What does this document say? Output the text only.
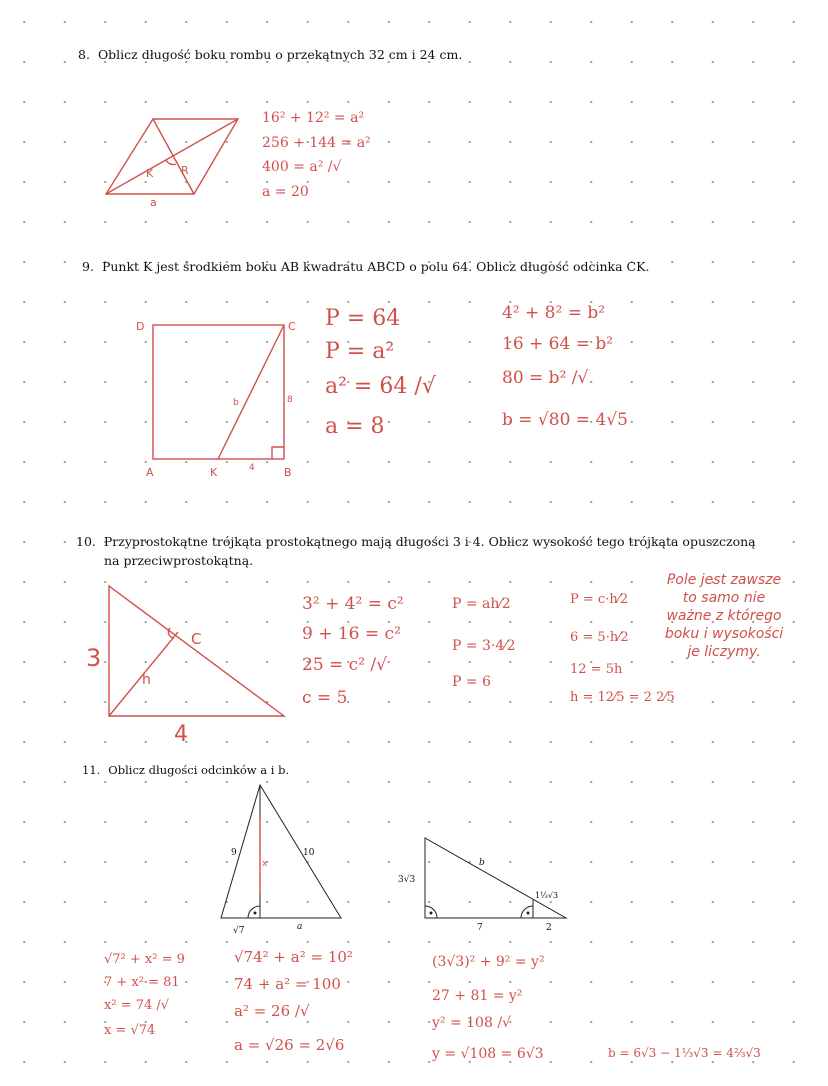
8. Oblicz długość boku rombu o przekątnych 32 cm i 24 cm.
9. Punkt K jest środkiem boku AB kwadratu ABCD o polu 64. Oblicz długość odcinka CK.
10. Przyprostokątne trójkąta prostokątnego mają długości 3 i 4. Oblicz wysokość tego trójkąta opuszczoną
na przeciwprostokątną.
11. Oblicz długości odcinków a i b.
K	R
a
D	C
A	K	B
4
8
b
3
4
h
C
9	10
x
√7	a
3√3
b
1⅓√3
7	2
16² + 12² = a²
256 + 144 = a²
400 = a² /√
a = 20
P = 64
P = a²
a² = 64 /√
a = 8
4² + 8² = b²
16 + 64 = b²
80 = b² /√
b = √80 = 4√5
3² + 4² = c²
9 + 16 = c²
25 = c² /√
c = 5
P = ah⁄2
P = 3·4⁄2
P = 6
P = c·h⁄2
6 = 5·h⁄2
12 = 5h
h = 12⁄5 = 2 2⁄5
Pole jest zawsze
to samo nie
ważne z którego
boku i wysokości
je liczymy.
√7² + x² = 9
7 + x² = 81
x² = 74 /√
x = √74
√74² + a² = 10²
74 + a² = 100
a² = 26 /√
a = √26 = 2√6
(3√3)² + 9² = y²
27 + 81 = y²
y² = 108 /√
y = √108 = 6√3	b = 6√3 − 1⅓√3 = 4⅔√3
